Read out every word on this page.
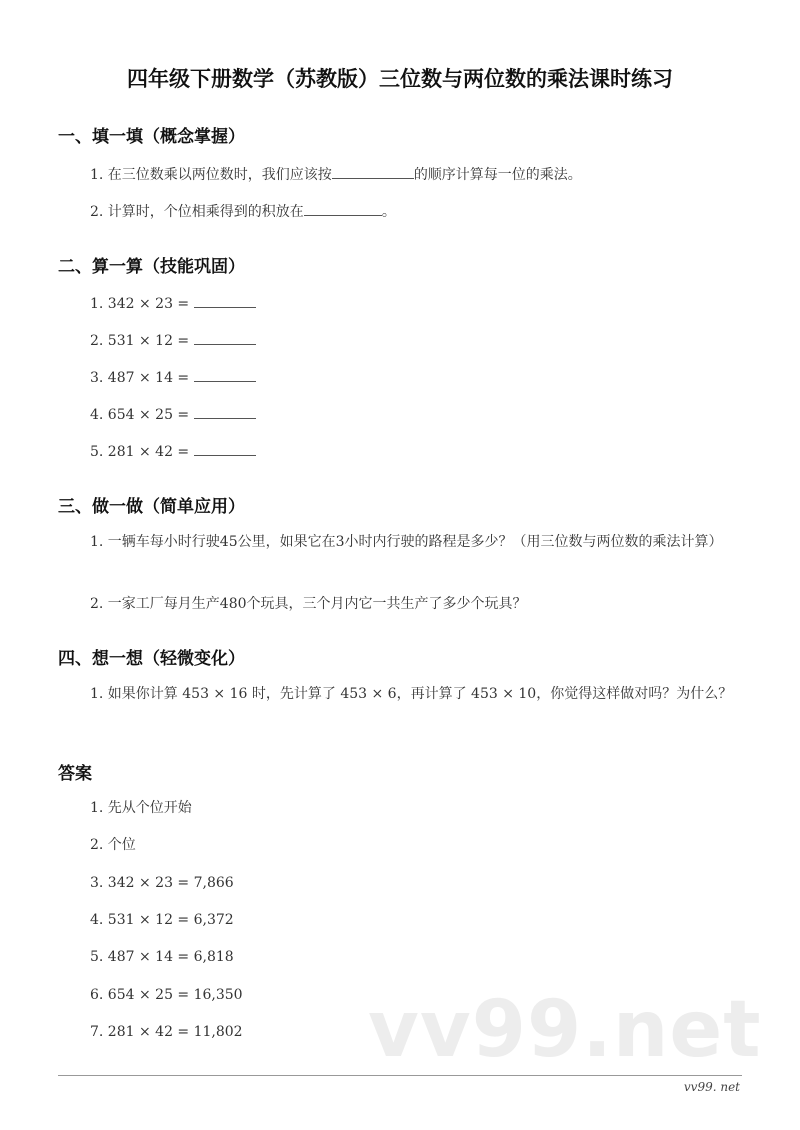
四年级下册数学（苏教版）三位数与两位数的乘法课时练习
一、填一填（概念掌握）
1. 在三位数乘以两位数时，我们应该按	的顺序计算每一位的乘法。
2. 计算时，个位相乘得到的积放在	。
二、算一算（技能巩固）
1. 342 × 23 =
2. 531 × 12 =
3. 487 × 14 =
4. 654 × 25 =
5. 281 × 42 =
三、做一做（简单应用）
1. 一辆车每小时行驶45公里，如果它在3小时内行驶的路程是多少？（用三位数与两位数的乘法计算）
2. 一家工厂每月生产480个玩具，三个月内它一共生产了多少个玩具？
四、想一想（轻微变化）
1. 如果你计算 453 × 16 时，先计算了 453 × 6，再计算了 453 × 10，你觉得这样做对吗？为什么？
答案
1. 先从个位开始
2. 个位
3. 342 × 23 = 7,866
4. 531 × 12 = 6,372
5. 487 × 14 = 6,818
6. 654 × 25 = 16,350
7. 281 × 42 = 11,802 vv99.net
vv99. net
